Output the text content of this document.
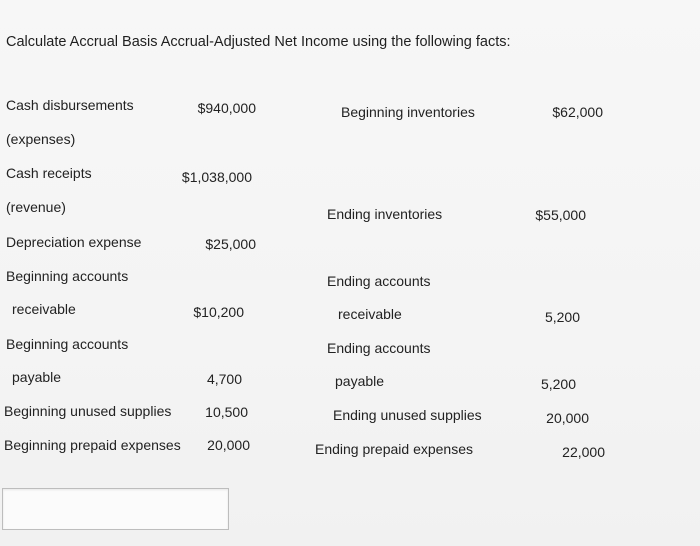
Calculate Accrual Basis Accrual-Adjusted Net Income using the following facts:
Cash disbursements	$940,000
(expenses)
Cash receipts	$1,038,000
(revenue)
Depreciation expense	$25,000
Beginning accounts
receivable	$10,200
Beginning accounts
payable	4,700
Beginning unused supplies	10,500
Beginning prepaid expenses	20,000
Beginning inventories	$62,000
Ending inventories	$55,000
Ending accounts
receivable	5,200
Ending accounts
payable	5,200
Ending unused supplies	20,000
Ending prepaid expenses	22,000
